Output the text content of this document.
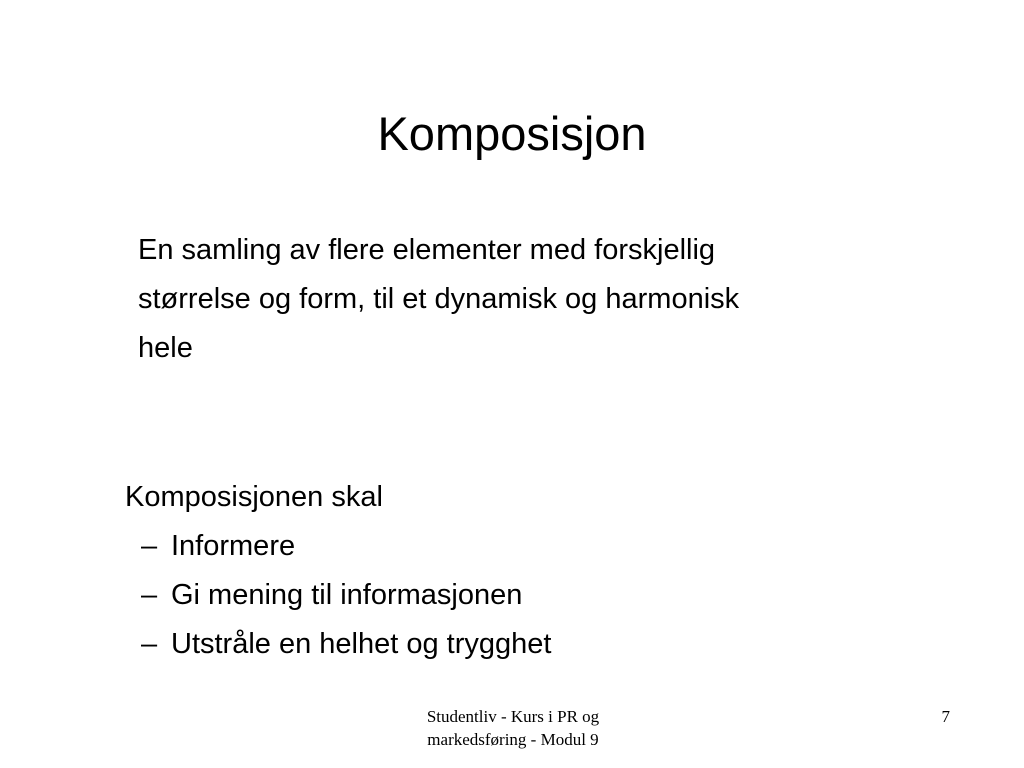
Komposisjon
En samling av flere elementer med forskjellig
størrelse og form, til et dynamisk og harmonisk
hele
Komposisjonen skal
– Informere
– Gi mening til informasjonen
– Utstråle en helhet og trygghet
Studentliv - Kurs i PR og
markedsføring - Modul 9
7
